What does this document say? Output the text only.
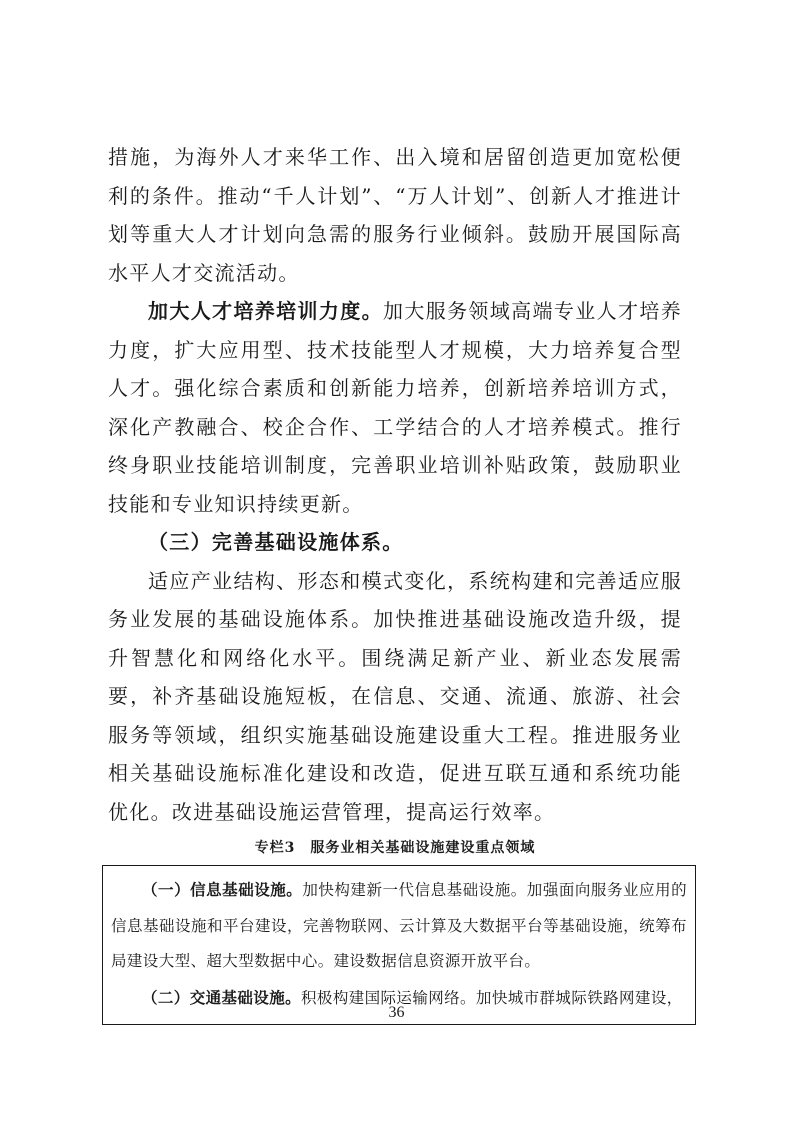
措施，为海外人才来华工作、出入境和居留创造更加宽松便利的条件。推动“千人计划”、“万人计划”、创新人才推进计划等重大人才计划向急需的服务行业倾斜。鼓励开展国际高水平人才交流活动。

加大人才培养培训力度。加大服务领域高端专业人才培养力度，扩大应用型、技术技能型人才规模，大力培养复合型人才。强化综合素质和创新能力培养，创新培养培训方式，深化产教融合、校企合作、工学结合的人才培养模式。推行终身职业技能培训制度，完善职业培训补贴政策，鼓励职业技能和专业知识持续更新。

（三）完善基础设施体系。

适应产业结构、形态和模式变化，系统构建和完善适应服务业发展的基础设施体系。加快推进基础设施改造升级，提升智慧化和网络化水平。围绕满足新产业、新业态发展需要，补齐基础设施短板，在信息、交通、流通、旅游、社会服务等领域，组织实施基础设施建设重大工程。推进服务业相关基础设施标准化建设和改造，促进互联互通和系统功能优化。改进基础设施运营管理，提高运行效率。

专栏3　服务业相关基础设施建设重点领域

（一）信息基础设施。加快构建新一代信息基础设施。加强面向服务业应用的信息基础设施和平台建设，完善物联网、云计算及大数据平台等基础设施，统筹布局建设大型、超大型数据中心。建设数据信息资源开放平台。

（二）交通基础设施。积极构建国际运输网络。加快城市群城际铁路网建设，

36
